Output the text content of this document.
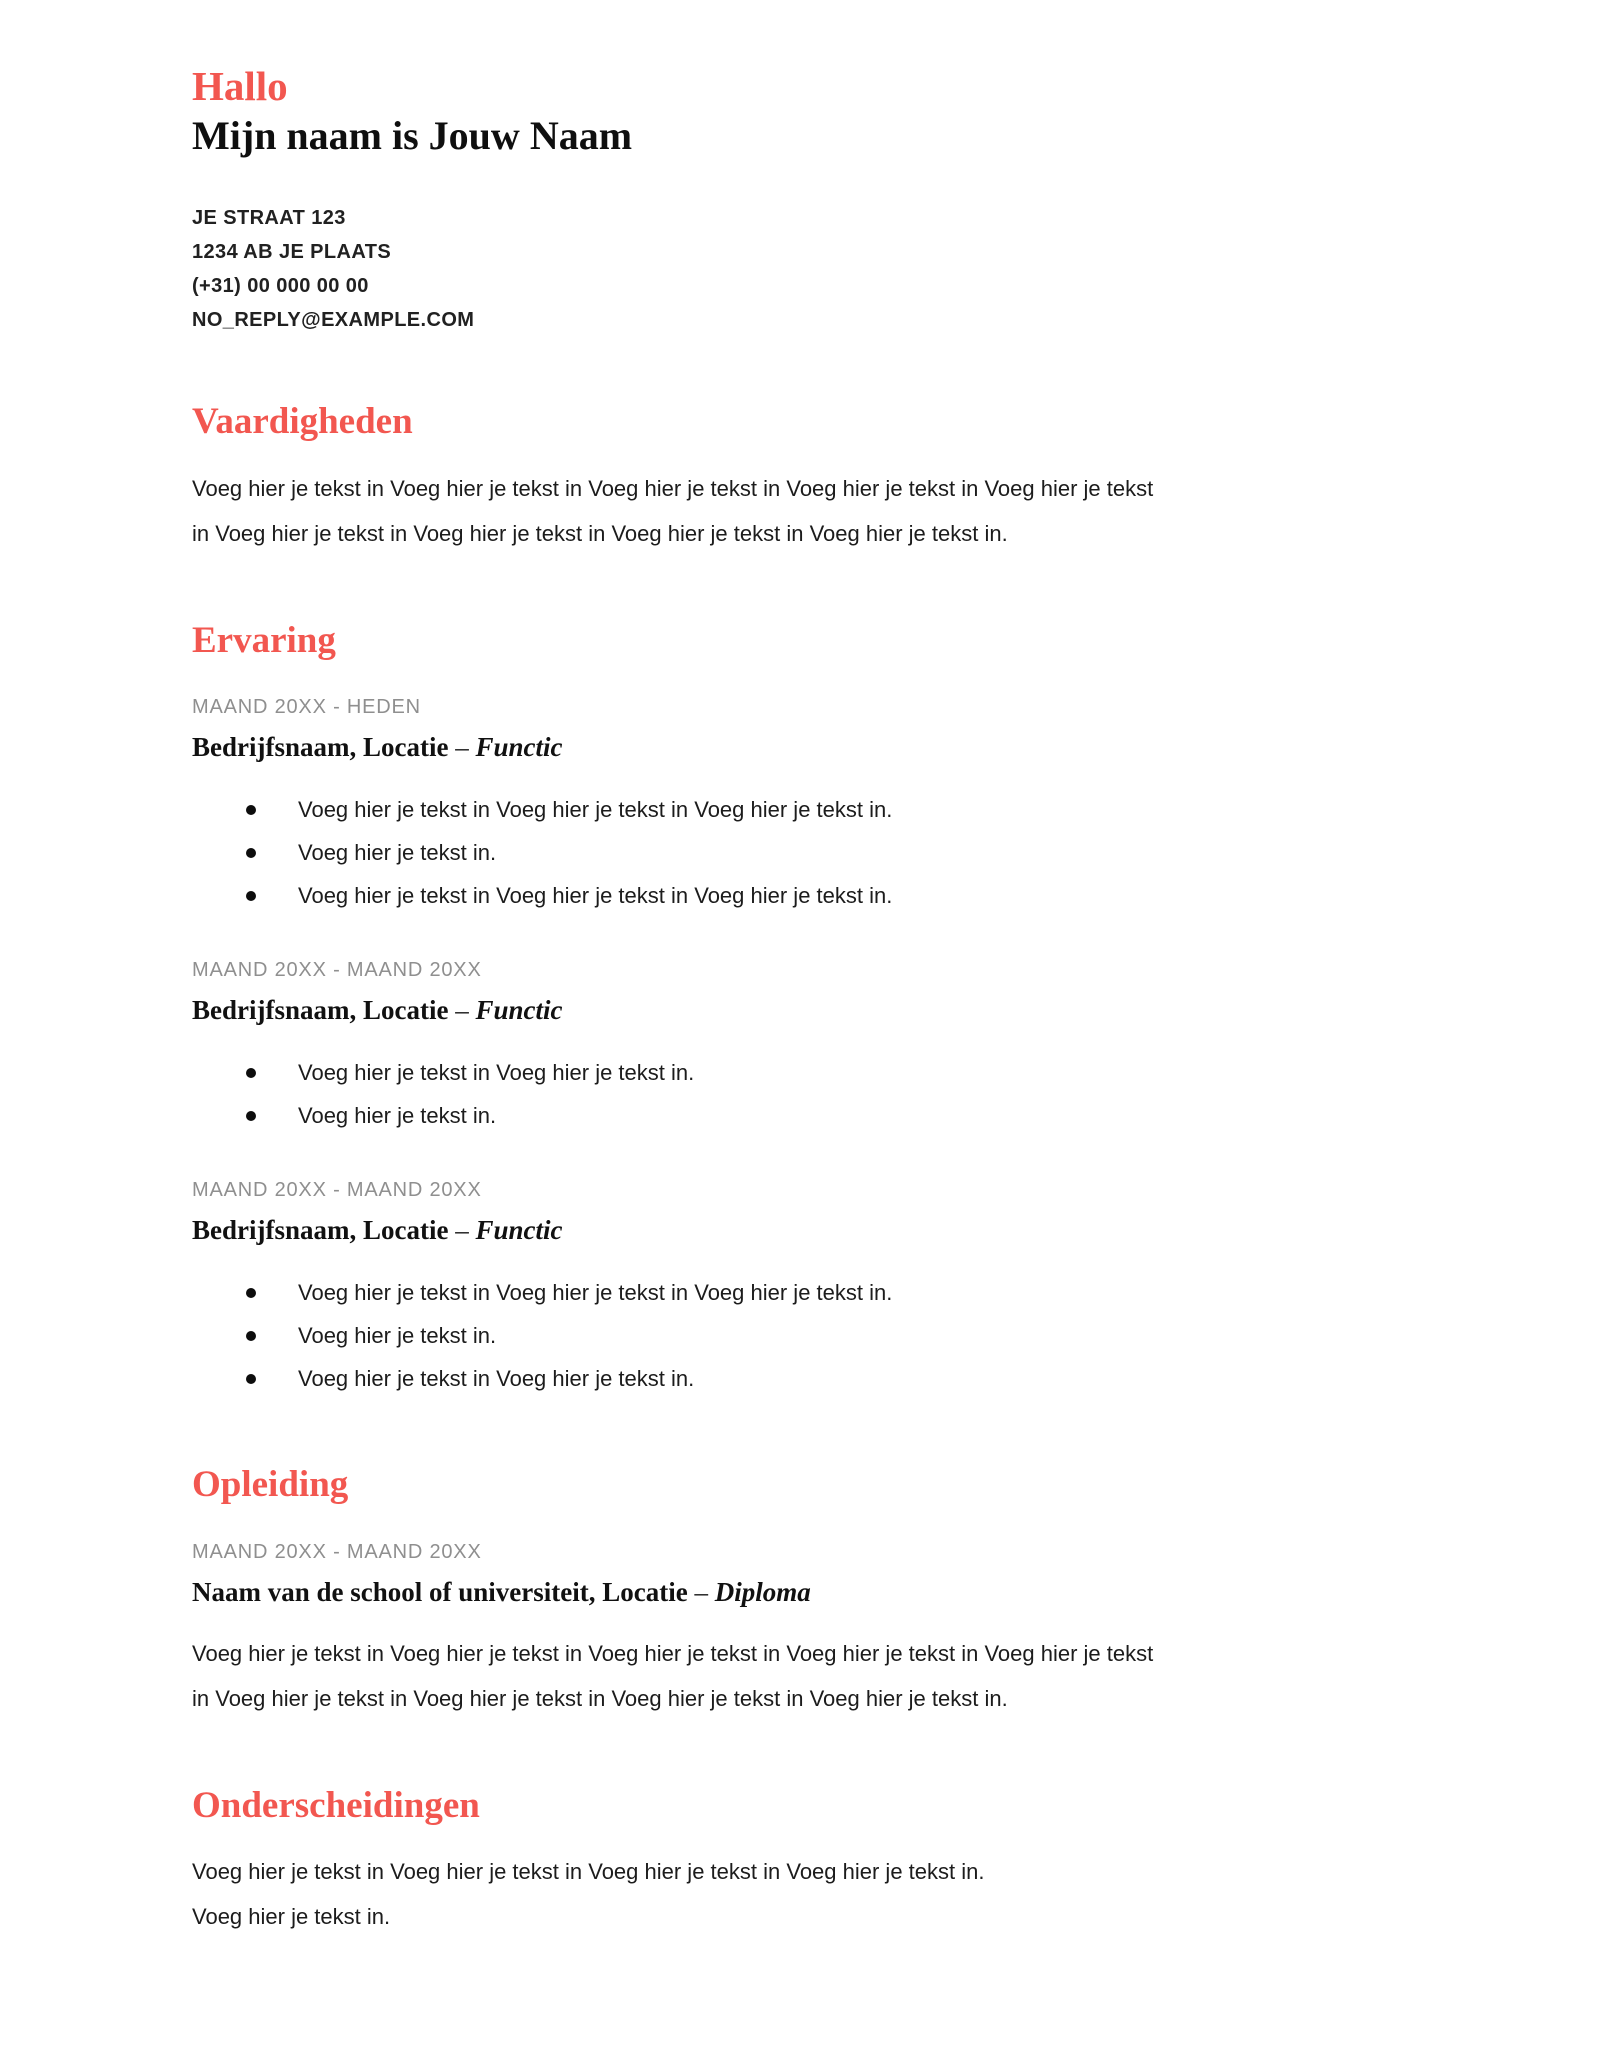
Hallo
Mijn naam is Jouw Naam
JE STRAAT 123
1234 AB JE PLAATS
(+31) 00 000 00 00
NO_REPLY@EXAMPLE.COM
Vaardigheden
Voeg hier je tekst in Voeg hier je tekst in Voeg hier je tekst in Voeg hier je tekst in Voeg hier je tekst
in Voeg hier je tekst in Voeg hier je tekst in Voeg hier je tekst in Voeg hier je tekst in.
Ervaring
MAAND 20XX - HEDEN
Bedrijfsnaam, Locatie – Functic
Voeg hier je tekst in Voeg hier je tekst in Voeg hier je tekst in.
Voeg hier je tekst in.
Voeg hier je tekst in Voeg hier je tekst in Voeg hier je tekst in.
MAAND 20XX - MAAND 20XX
Bedrijfsnaam, Locatie – Functic
Voeg hier je tekst in Voeg hier je tekst in.
Voeg hier je tekst in.
MAAND 20XX - MAAND 20XX
Bedrijfsnaam, Locatie – Functic
Voeg hier je tekst in Voeg hier je tekst in Voeg hier je tekst in.
Voeg hier je tekst in.
Voeg hier je tekst in Voeg hier je tekst in.
Opleiding
MAAND 20XX - MAAND 20XX
Naam van de school of universiteit, Locatie – Diploma
Voeg hier je tekst in Voeg hier je tekst in Voeg hier je tekst in Voeg hier je tekst in Voeg hier je tekst
in Voeg hier je tekst in Voeg hier je tekst in Voeg hier je tekst in Voeg hier je tekst in.
Onderscheidingen
Voeg hier je tekst in Voeg hier je tekst in Voeg hier je tekst in Voeg hier je tekst in.
Voeg hier je tekst in.
